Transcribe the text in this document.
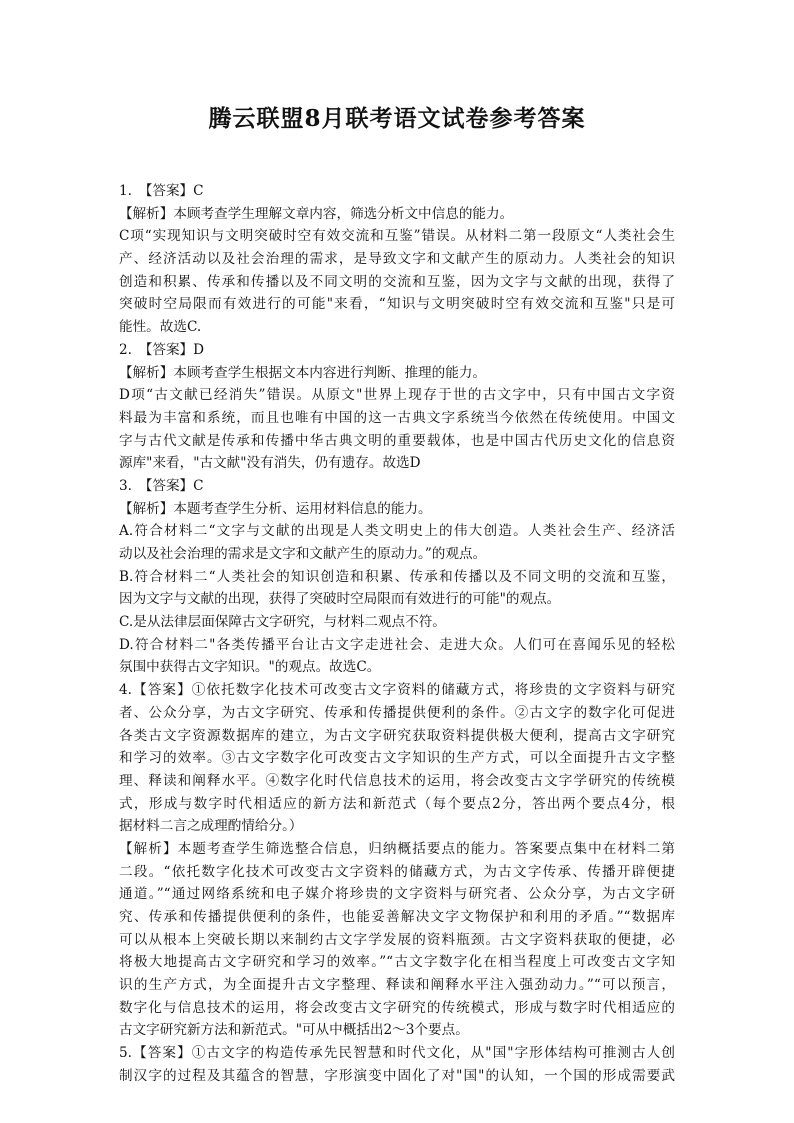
腾云联盟8月联考语文试卷参考答案
1.　【答案】C
【解析】本顾考查学生理解文章内容，筛选分析文中信息的能力。
C项“实现知识与文明突破时空有效交流和互鉴”错误。从材料二第一段原文“人类社会生
产、经济活动以及社会治理的需求，是导致文字和文献产生的原动力。人类社会的知识
创造和积累、传承和传播以及不同文明的交流和互鉴，因为文字与文献的出现，获得了
突破时空局限而有效进行的可能"来看，“知识与文明突破时空有效交流和互鉴"只是可
能性。故选C.
2.　【答案】D
【解析】本顾考查学生根据文本内容进行判断、推理的能力。
D项“古文献已经消失”错误。从原文"世界上现存于世的古文字中，只有中国古文字资
料最为丰富和系统，而且也唯有中国的这一古典文字系统当今依然在传统使用。中国文
字与古代文献是传承和传播中华古典文明的重要载体，也是中国古代历史文化的信息资
源库"来看，"古文献"没有消失，仍有遗存。故选D
3.　【答案】C
【解析】本题考查学生分析、运用材料信息的能力。
A.符合材料二“文字与文献的出现是人类文明史上的伟大创造。人类社会生产、经济活
动以及社会治理的需求是文字和文献产生的原动力。”的观点。
B.符合材料二“人类社会的知识创造和积累、传承和传播以及不同文明的交流和互鉴，
因为文字与文献的出现，获得了突破时空局限而有效进行的可能"的观点。
C.是从法律层面保障古文字研究，与材料二观点不符。
D.符合材料二"各类传播平台让古文字走进社会、走进大众。人们可在喜闻乐见的轻松
氛围中获得古文字知识。"的观点。故选C。
4.【答案】①依托数字化技术可改变古文字资料的储藏方式，将珍贵的文字资料与研究
者、公众分享，为古文字研究、传承和传播提供便利的条件。②古文字的数字化可促进
各类古文字资源数据库的建立，为古文字研究获取资料提供极大便利，提高古文字研究
和学习的效率。③古文字数字化可改变古文字知识的生产方式，可以全面提升古文字整
理、释读和阐释水平。④数字化时代信息技术的运用，将会改变古文字学研究的传统模
式，形成与数字时代相适应的新方法和新范式（每个要点2分，答出两个要点4分，根
据材料二言之成理酌情给分。）
【解析】本题考查学生筛选整合信息，归纳概括要点的能力。答案要点集中在材料二第
二段。“依托数字化技术可改变古文字资料的储藏方式，为古文字传承、传播开辟便捷
通道。”“通过网络系统和电子媒介将珍贵的文字资料与研究者、公众分享，为古文字研
究、传承和传播提供便利的条件，也能妥善解决文字文物保护和利用的矛盾。”“数据库
可以从根本上突破长期以来制约古文字学发展的资料瓶颈。古文字资料获取的便捷，必
将极大地提高古文字研究和学习的效率。”“古文字数字化在相当程度上可改变古文字知
识的生产方式，为全面提升古文字整理、释读和阐释水平注入强劲动力。”“可以预言，
数字化与信息技术的运用，将会改变古文字研究的传统模式，形成与数字时代相适应的
古文字研究新方法和新范式。"可从中概括出2～3个要点。
5.【答案】①古文字的构造传承先民智慧和时代文化，从"国"字形体结构可推测古人创
制汉字的过程及其蕴含的智慧，字形演变中固化了对"国"的认知，一个国的形成需要武
